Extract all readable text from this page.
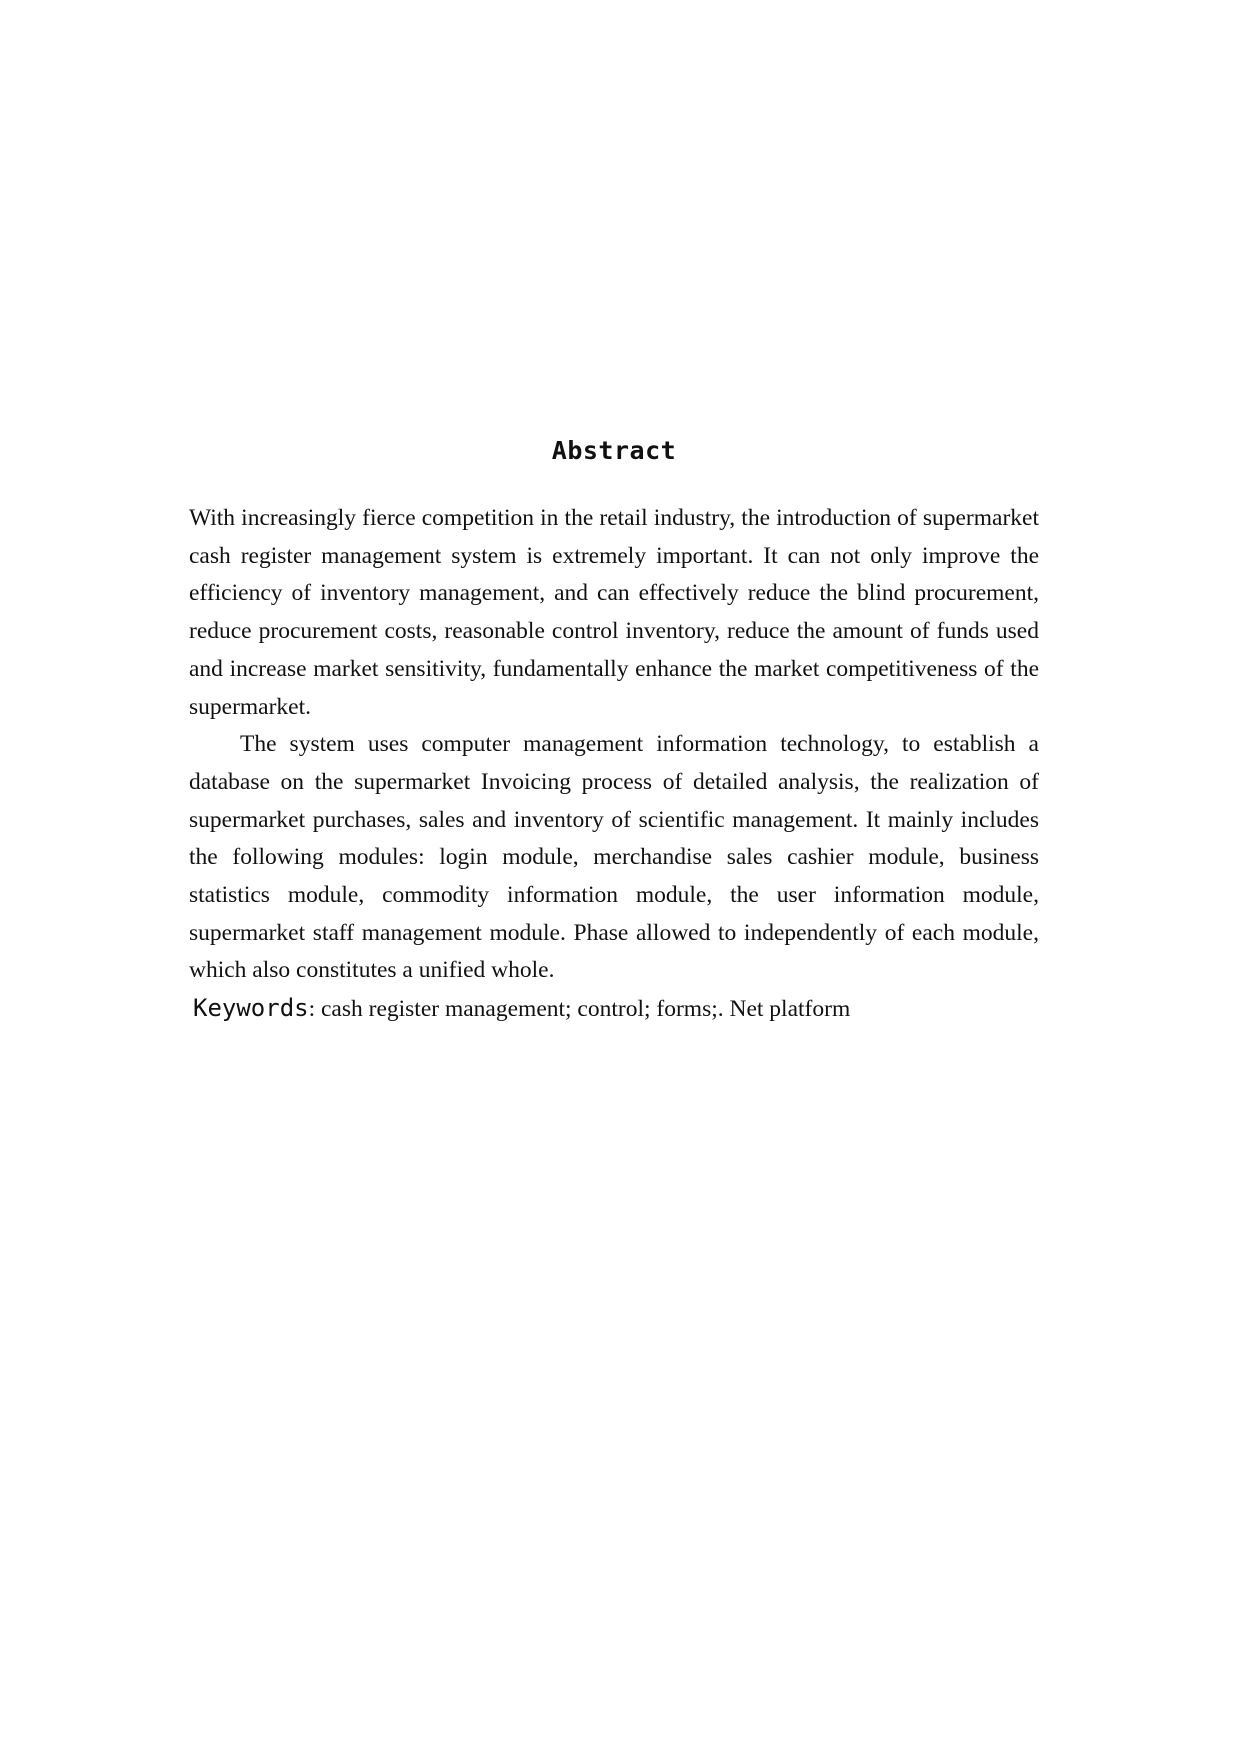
Abstract

With increasingly fierce competition in the retail industry, the introduction of supermarket cash register management system is extremely important. It can not only improve the efficiency of inventory management, and can effectively reduce the blind procurement, reduce procurement costs, reasonable control inventory, reduce the amount of funds used and increase market sensitivity, fundamentally enhance the market competitiveness of the supermarket.

The system uses computer management information technology, to establish a database on the supermarket Invoicing process of detailed analysis, the realization of supermarket purchases, sales and inventory of scientific management. It mainly includes the following modules: login module, merchandise sales cashier module, business statistics module, commodity information module, the user information module, supermarket staff management module. Phase allowed to independently of each module, which also constitutes a unified whole.

Keywords: cash register management; control; forms;. Net platform
